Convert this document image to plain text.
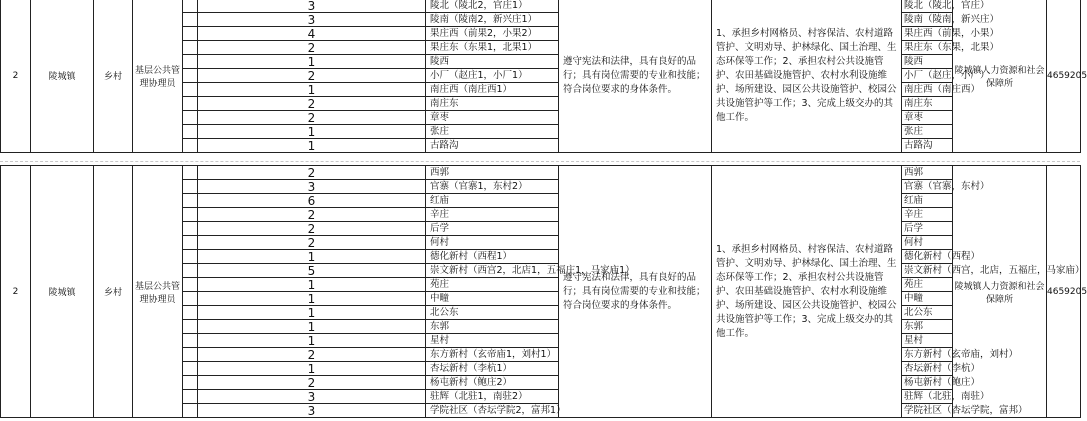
2	陵城镇	乡村	基层公共管理协理员		3	陵北（陵北2，官庄1）	遵守宪法和法律，具有良好的品行；具有岗位需要的专业和技能；符合岗位要求的身体条件。	1、承担乡村网格员、村容保洁、农村道路管护、文明劝导、护林绿化、国土治理、生态环保等工作；2、承担农村公共设施管护、农田基础设施管护、农村水利设施维护、场所建设、园区公共设施管护、校园公共设施管护等工作；3、完成上级交办的其他工作。	陵北（陵北，官庄）	陵城镇人力资源和社会保障所	4659205
					3	陵南（陵南2，新兴庄1）			陵南（陵南，新兴庄）		
					4	果庄西（前果2，小果2）			果庄西（前果，小果）		
					2	果庄东（东果1，北果1）			果庄东（东果，北果）		
					1	陵西			陵西		
					2	小厂（赵庄1，小厂1）			小厂（赵庄，小厂）		
					1	南庄西（南庄西1）			南庄西（南庄西）		
					2	南庄东			南庄东		
					2	章枣			章枣		
					1	张庄			张庄		
					1	古路沟			古路沟		
2	陵城镇	乡村	基层公共管理协理员		2	西郭	遵守宪法和法律，具有良好的品行；具有岗位需要的专业和技能；符合岗位要求的身体条件。	1、承担乡村网格员、村容保洁、农村道路管护、文明劝导、护林绿化、国土治理、生态环保等工作；2、承担农村公共设施管护、农田基础设施管护、农村水利设施维护、场所建设、园区公共设施管护、校园公共设施管护等工作；3、完成上级交办的其他工作。	西郭	陵城镇人力资源和社会保障所	4659205
					3	官寨（官寨1，东村2）			官寨（官寨，东村）		
					6	红庙			红庙		
					2	辛庄			辛庄		
					2	后学			后学		
					2	何村			何村		
					1	德化新村（西程1）			德化新村（西程）		
					5	崇文新村（西宫2，北店1，五福庄1，马家庙1）			崇文新村（西宫，北店，五福庄，马家庙）		
					1	苑庄			苑庄		
					1	中疃			中疃		
					1	北公东			北公东		
					1	东郭			东郭		
					1	星村			星村		
					2	东方新村（玄帝庙1，刘村1）			东方新村（玄帝庙，刘村）		
					1	杏坛新村（李杭1）			杏坛新村（李杭）		
					2	杨屯新村（鲍庄2）			杨屯新村（鲍庄）		
					3	驻辉（北驻1，南驻2）			驻辉（北驻，南驻）		
					3	学院社区（杏坛学院2，富邦1）			学院社区（杏坛学院，富邦）		
